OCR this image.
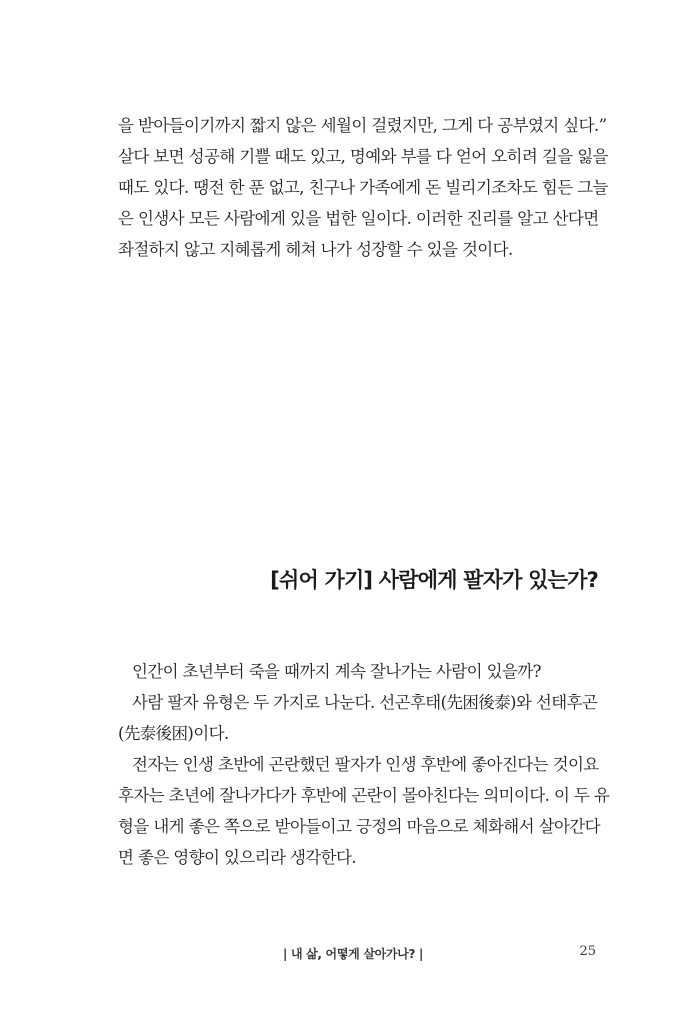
을 받아들이기까지 짧지 않은 세월이 걸렸지만, 그게 다 공부였지 싶다.”
살다 보면 성공해 기쁠 때도 있고, 명예와 부를 다 얻어 오히려 길을 잃을
때도 있다. 땡전 한 푼 없고, 친구나 가족에게 돈 빌리기조차도 힘든 그늘
은 인생사 모든 사람에게 있을 법한 일이다. 이러한 진리를 알고 산다면
좌절하지 않고 지혜롭게 헤쳐 나가 성장할 수 있을 것이다.
[쉬어 가기] 사람에게 팔자가 있는가?
인간이 초년부터 죽을 때까지 계속 잘나가는 사람이 있을까?
사람 팔자 유형은 두 가지로 나눈다. 선곤후태(先困後泰)와 선태후곤
(先泰後困)이다.
전자는 인생 초반에 곤란했던 팔자가 인생 후반에 좋아진다는 것이요
후자는 초년에 잘나가다가 후반에 곤란이 몰아친다는 의미이다. 이 두 유
형을 내게 좋은 쪽으로 받아들이고 긍정의 마음으로 체화해서 살아간다
면 좋은 영향이 있으리라 생각한다.
| 내 삶, 어떻게 살아가나? |	25
